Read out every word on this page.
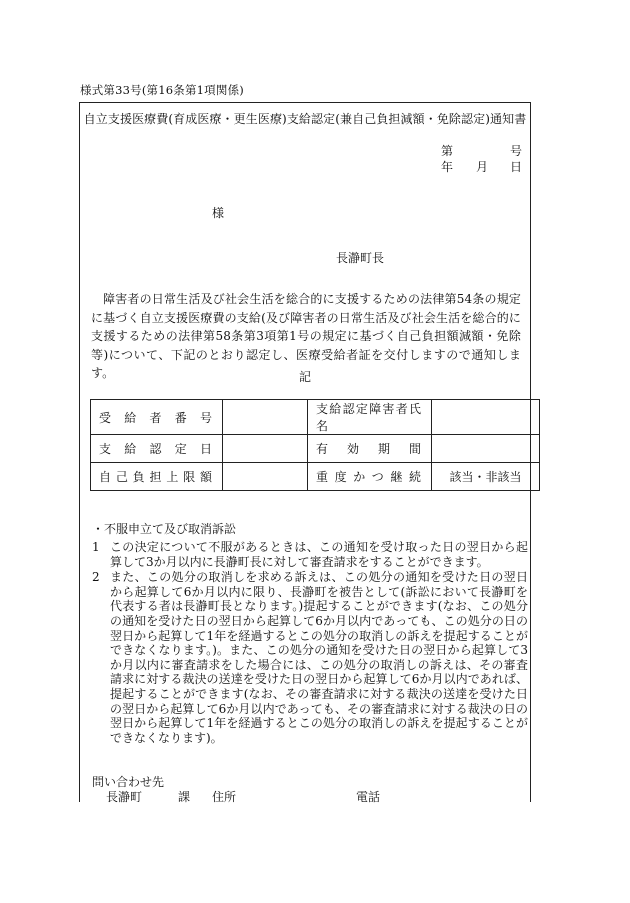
様式第33号(第16条第1項関係)
自立支援医療費(育成医療・更生医療)支給認定(兼自己負担減額・免除認定)通知書
第	号
年 月 日
様
長瀞町長
障害者の日常生活及び社会生活を総合的に支援するための法律第54条の規定に基づく自立支援医療費の支給(及び障害者の日常生活及び社会生活を総合的に支援するための法律第58条第3項第1号の規定に基づく自己負担額減額・免除等)について、下記のとおり認定し、医療受給者証を交付しますので通知します。	記
受給者番号		支給認定障害者氏名	
支給認定日		有効期間	
自己負担上限額		重度かつ継続	該当・非該当
・不服申立て及び取消訴訟
1 この決定について不服があるときは、この通知を受け取った日の翌日から起算して3か月以内に長瀞町長に対して審査請求をすることができます。
2 また、この処分の取消しを求める訴えは、この処分の通知を受けた日の翌日から起算して6か月以内に限り、長瀞町を被告として(訴訟において長瀞町を代表する者は長瀞町長となります。)提起することができます(なお、この処分の通知を受けた日の翌日から起算して6か月以内であっても、この処分の日の翌日から起算して1年を経過するとこの処分の取消しの訴えを提起することができなくなります。)。また、この処分の通知を受けた日の翌日から起算して3か月以内に審査請求をした場合には、この処分の取消しの訴えは、その審査請求に対する裁決の送達を受けた日の翌日から起算して6か月以内であれば、提起することができます(なお、その審査請求に対する裁決の送達を受けた日の翌日から起算して6か月以内であっても、その審査請求に対する裁決の日の翌日から起算して1年を経過するとこの処分の取消しの訴えを提起することができなくなります)。
問い合わせ先
長瀞町	課 住所	電話
